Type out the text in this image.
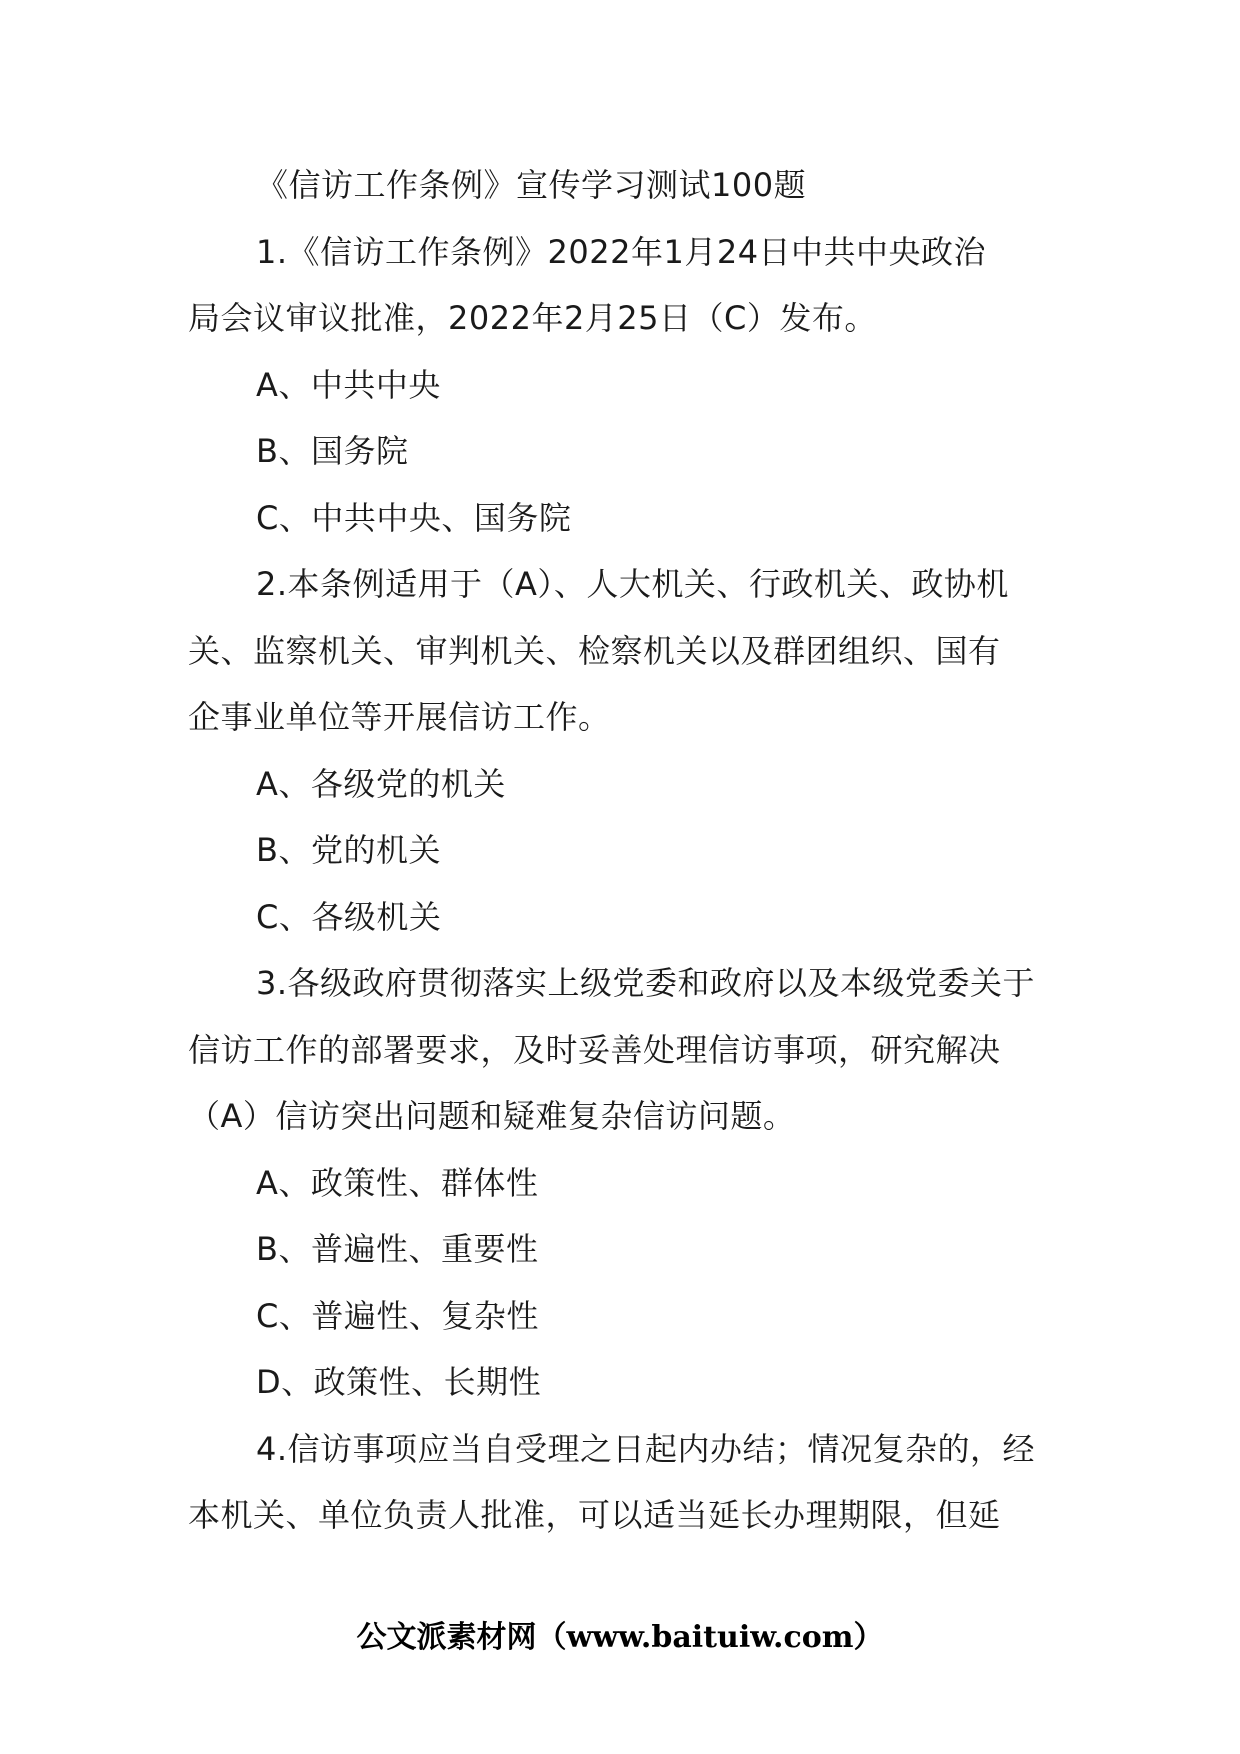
《信访工作条例》宣传学习测试100题
1.《信访工作条例》2022年1月24日中共中央政治
局会议审议批准，2022年2月25日（C）发布。
A、中共中央
B、国务院
C、中共中央、国务院
2.本条例适用于（A）、人大机关、行政机关、政协机
关、监察机关、审判机关、检察机关以及群团组织、国有
企事业单位等开展信访工作。
A、各级党的机关
B、党的机关
C、各级机关
3.各级政府贯彻落实上级党委和政府以及本级党委关于
信访工作的部署要求，及时妥善处理信访事项，研究解决
（A）信访突出问题和疑难复杂信访问题。
A、政策性、群体性
B、普遍性、重要性
C、普遍性、复杂性
D、政策性、长期性
4.信访事项应当自受理之日起内办结；情况复杂的，经
本机关、单位负责人批准，可以适当延长办理期限，但延
公文派素材网（www.baituiw.com）
